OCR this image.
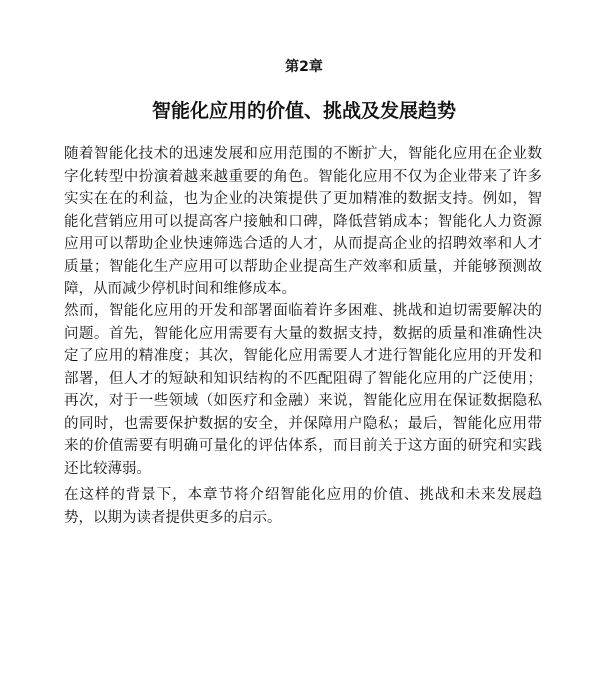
第2章
智能化应用的价值、挑战及发展趋势

随着智能化技术的迅速发展和应用范围的不断扩大，智能化应用在企业数字化转型中扮演着越来越重要的角色。智能化应用不仅为企业带来了许多实实在在的利益，也为企业的决策提供了更加精准的数据支持。例如，智能化营销应用可以提高客户接触和口碑，降低营销成本；智能化人力资源应用可以帮助企业快速筛选合适的人才，从而提高企业的招聘效率和人才质量；智能化生产应用可以帮助企业提高生产效率和质量，并能够预测故障，从而减少停机时间和维修成本。

然而，智能化应用的开发和部署面临着许多困难、挑战和迫切需要解决的问题。首先，智能化应用需要有大量的数据支持，数据的质量和准确性决定了应用的精准度；其次，智能化应用需要人才进行智能化应用的开发和部署，但人才的短缺和知识结构的不匹配阻碍了智能化应用的广泛使用；再次，对于一些领域（如医疗和金融）来说，智能化应用在保证数据隐私的同时，也需要保护数据的安全，并保障用户隐私；最后，智能化应用带来的价值需要有明确可量化的评估体系，而目前关于这方面的研究和实践还比较薄弱。

在这样的背景下，本章节将介绍智能化应用的价值、挑战和未来发展趋势，以期为读者提供更多的启示。
